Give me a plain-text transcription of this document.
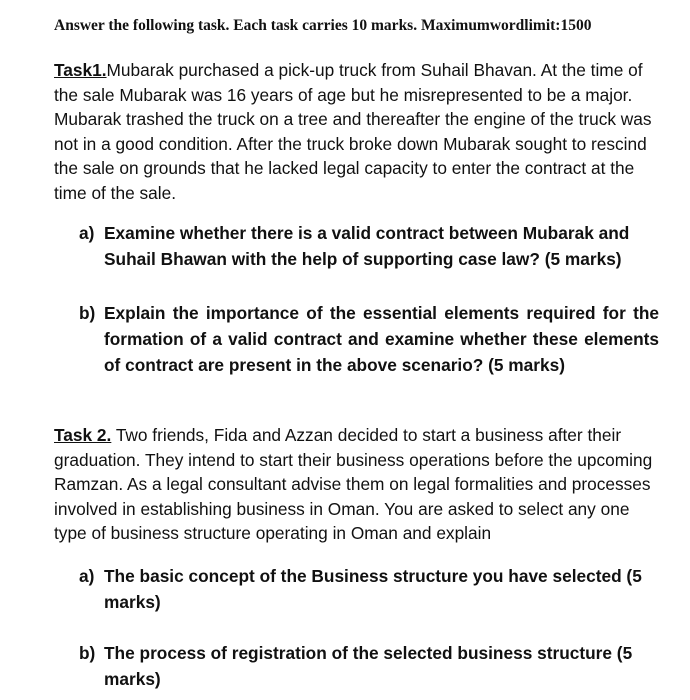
Answer the following task. Each task carries 10 marks. Maximumwordlimit:1500

Task1.Mubarak purchased a pick-up truck from Suhail Bhavan. At the time of the sale Mubarak was 16 years of age but he misrepresented to be a major. Mubarak trashed the truck on a tree and thereafter the engine of the truck was not in a good condition. After the truck broke down Mubarak sought to rescind the sale on grounds that he lacked legal capacity to enter the contract at the time of the sale.

a) Examine whether there is a valid contract between Mubarak and Suhail Bhawan with the help of supporting case law? (5 marks)
b) Explain the importance of the essential elements required for the formation of a valid contract and examine whether these elements of contract are present in the above scenario? (5 marks)

Task 2. Two friends, Fida and Azzan decided to start a business after their graduation. They intend to start their business operations before the upcoming Ramzan. As a legal consultant advise them on legal formalities and processes involved in establishing business in Oman. You are asked to select any one type of business structure operating in Oman and explain

a) The basic concept of the Business structure you have selected (5 marks)
b) The process of registration of the selected business structure (5 marks)
